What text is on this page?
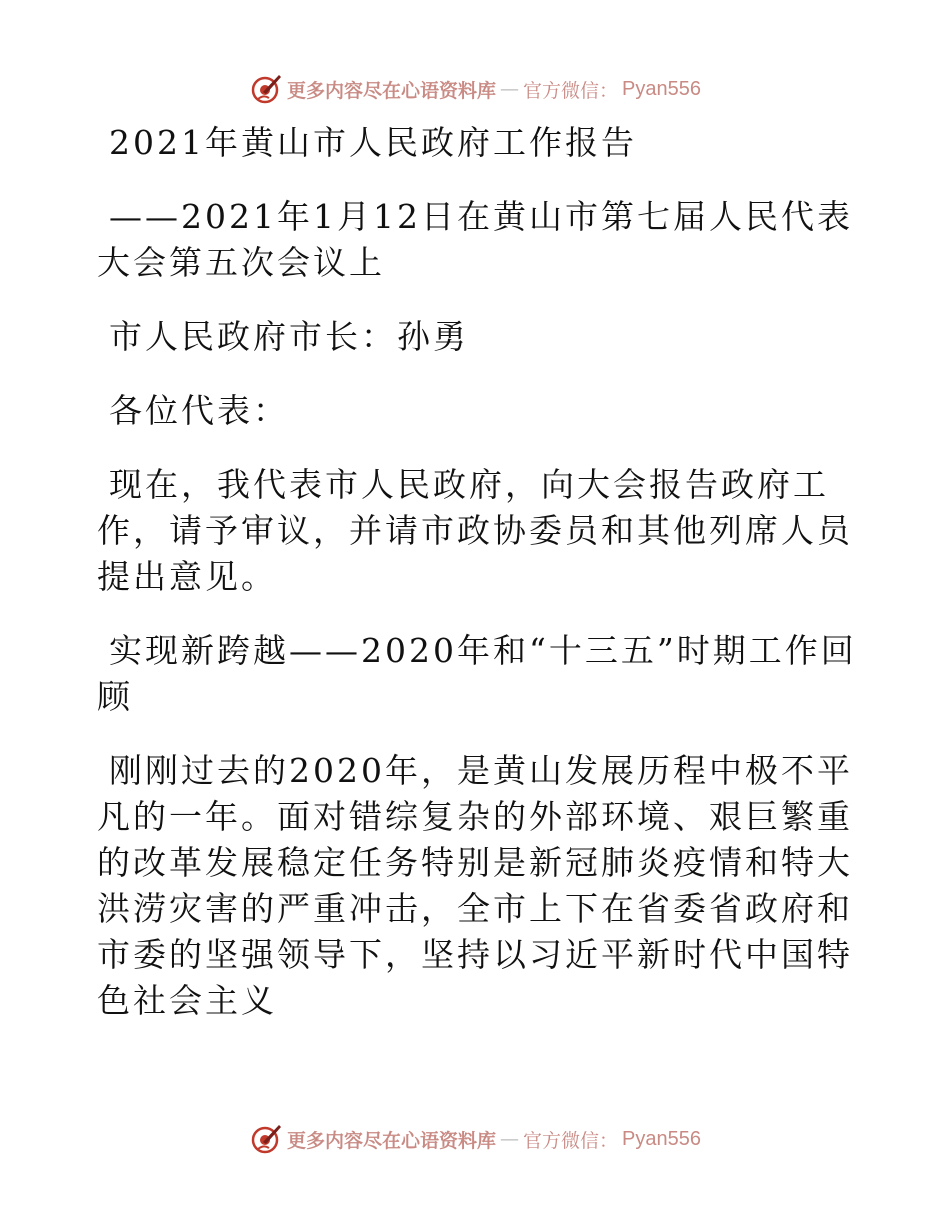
更多内容尽在心语资料库 — 官方微信： Pyan556

2021年黄山市人民政府工作报告

——2021年1月12日在黄山市第七届人民代表大会第五次会议上

市人民政府市长：孙勇

各位代表：

现在，我代表市人民政府，向大会报告政府工作，请予审议，并请市政协委员和其他列席人员提出意见。

实现新跨越——2020年和“十三五”时期工作回顾

刚刚过去的2020年，是黄山发展历程中极不平凡的一年。面对错综复杂的外部环境、艰巨繁重的改革发展稳定任务特别是新冠肺炎疫情和特大洪涝灾害的严重冲击，全市上下在省委省政府和市委的坚强领导下，坚持以习近平新时代中国特色社会主义

更多内容尽在心语资料库 — 官方微信： Pyan556
